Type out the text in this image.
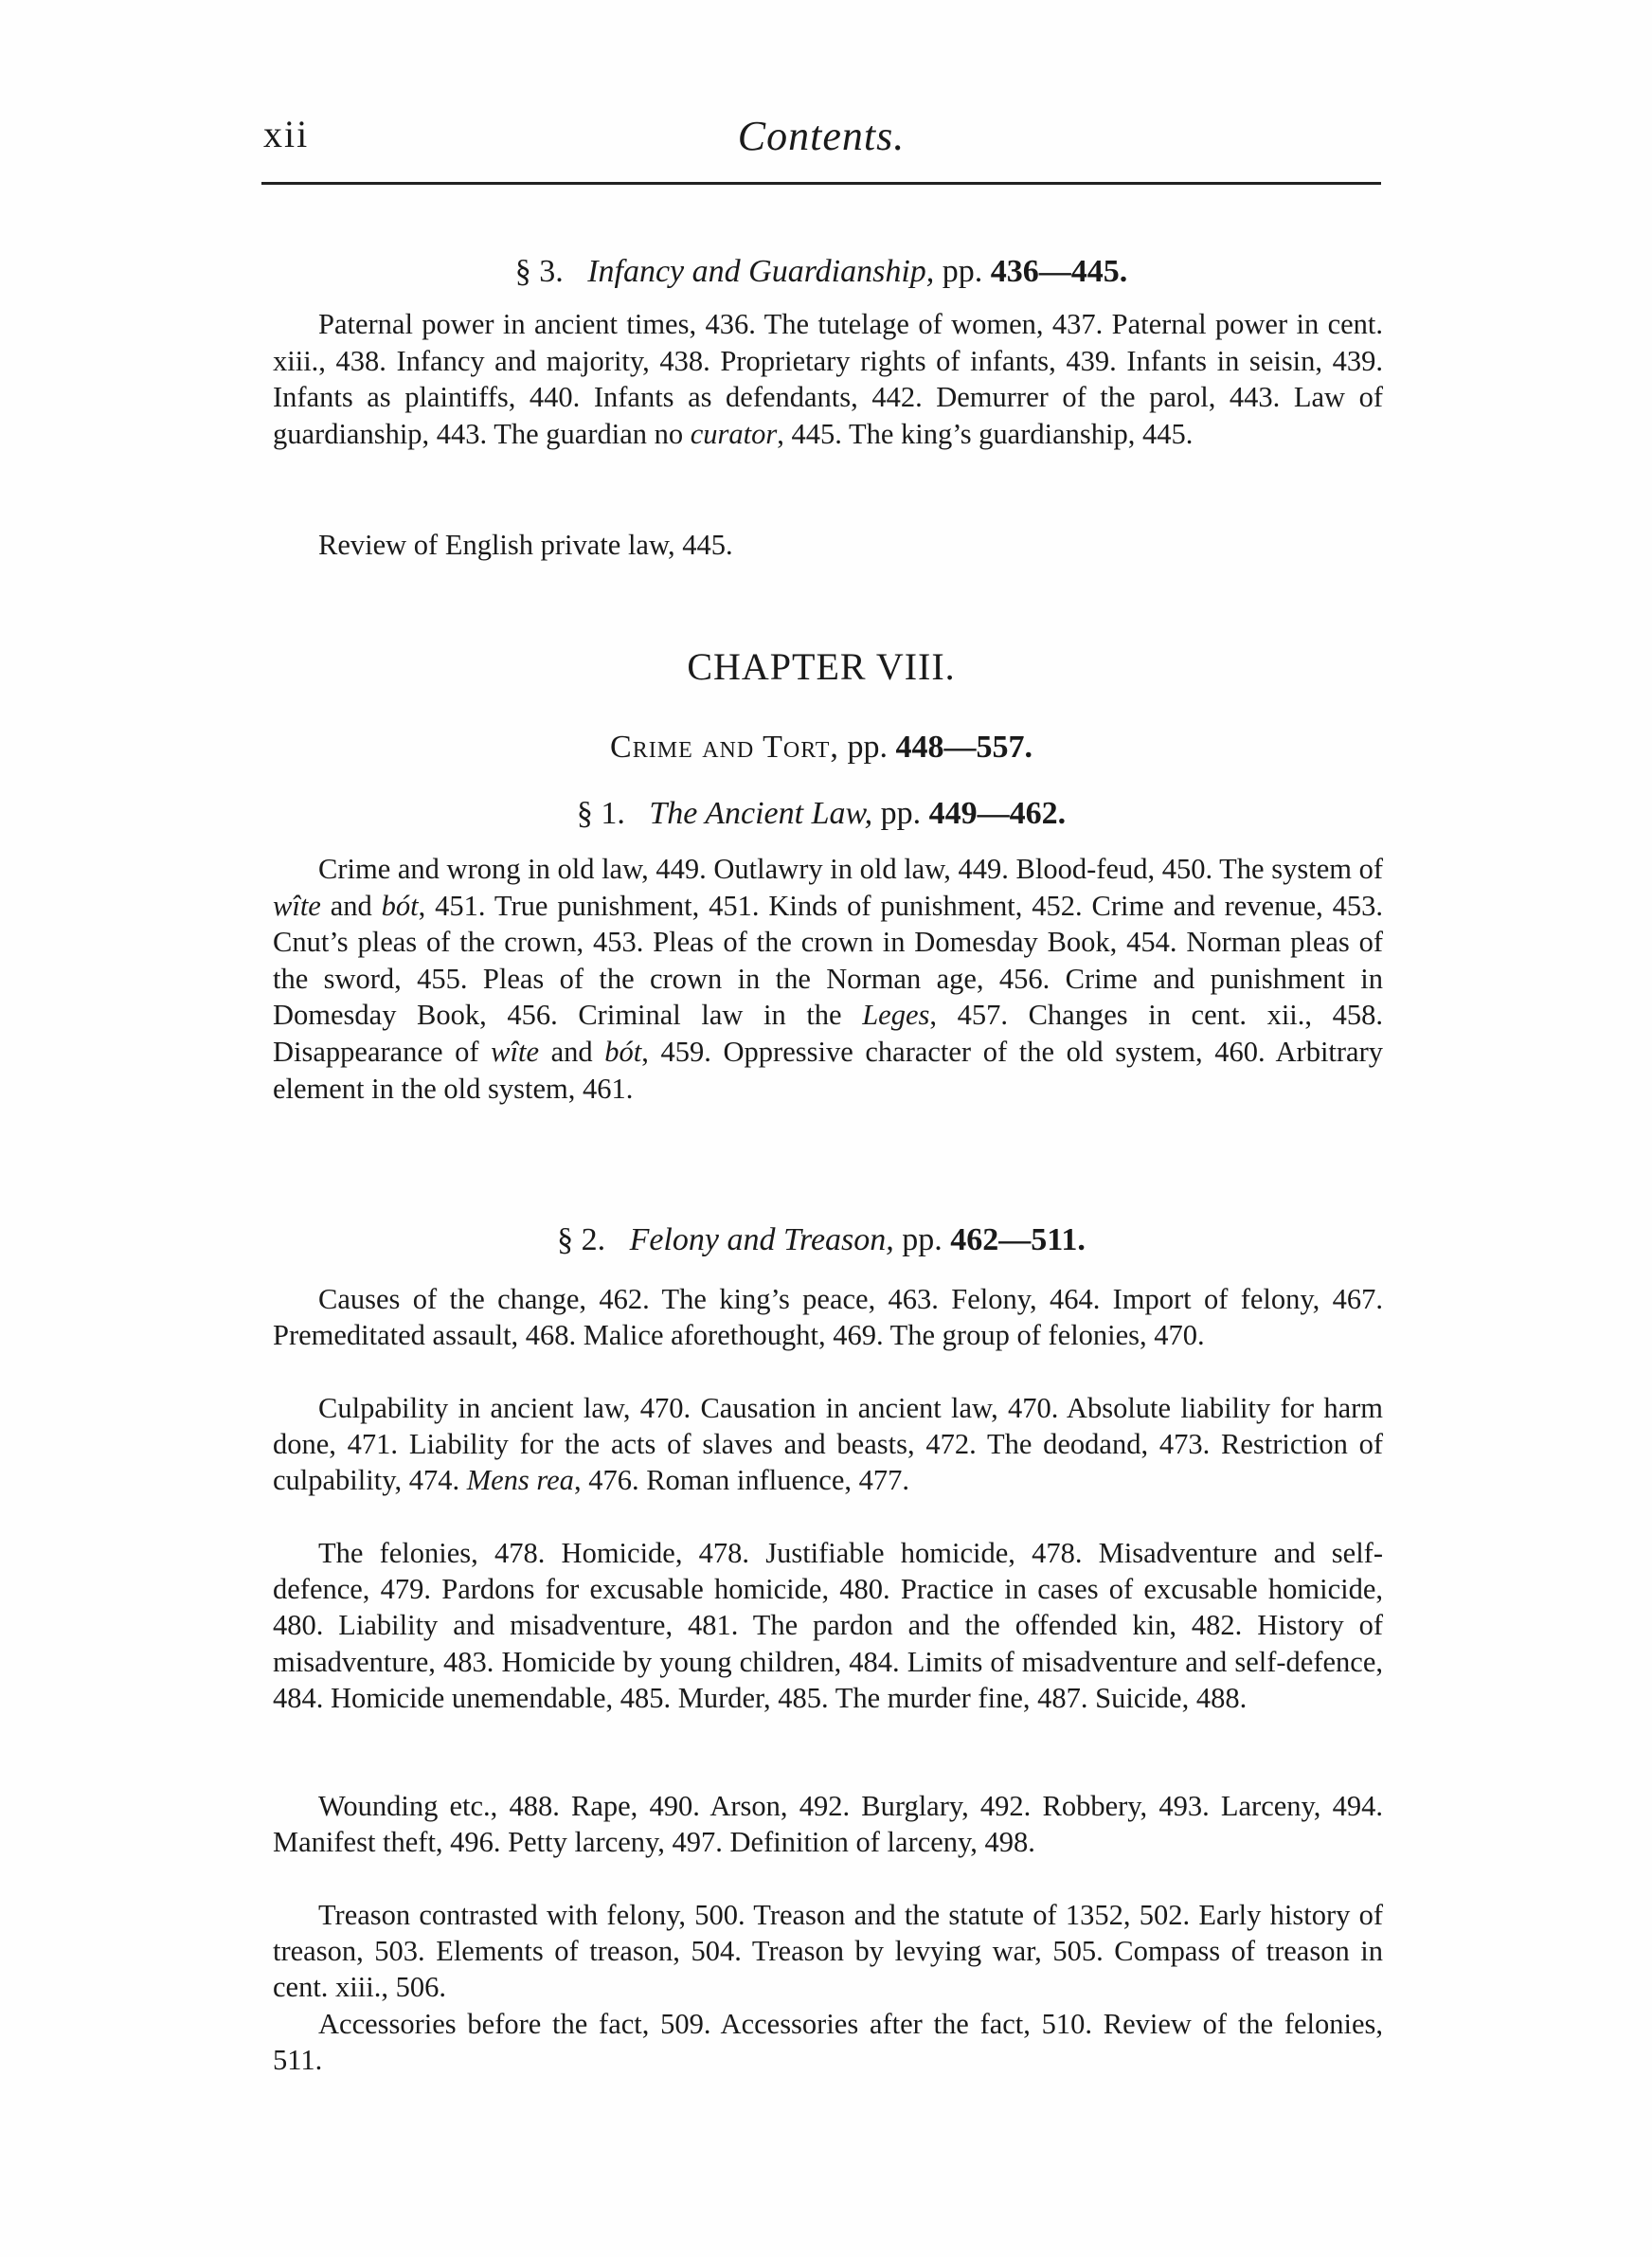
xii	Contents.
§ 3. Infancy and Guardianship, pp. 436—445.

Paternal power in ancient times, 436. The tutelage of women, 437. Paternal power in cent. xiii., 438. Infancy and majority, 438. Proprietary rights of infants, 439. Infants in seisin, 439. Infants as plaintiffs, 440. Infants as defendants, 442. Demurrer of the parol, 443. Law of guardianship, 443. The guardian no curator, 445. The king’s guardianship, 445.

Review of English private law, 445.

CHAPTER VIII.
Crime and Tort, pp. 448—557.
§ 1. The Ancient Law, pp. 449—462.

Crime and wrong in old law, 449. Outlawry in old law, 449. Blood-feud, 450. The system of wîte and bót, 451. True punishment, 451. Kinds of punishment, 452. Crime and revenue, 453. Cnut’s pleas of the crown, 453. Pleas of the crown in Domesday Book, 454. Norman pleas of the sword, 455. Pleas of the crown in the Norman age, 456. Crime and punishment in Domesday Book, 456. Criminal law in the Leges, 457. Changes in cent. xii., 458. Disappearance of wîte and bót, 459. Oppressive character of the old system, 460. Arbitrary element in the old system, 461.

§ 2. Felony and Treason, pp. 462—511.

Causes of the change, 462. The king’s peace, 463. Felony, 464. Import of felony, 467. Premeditated assault, 468. Malice aforethought, 469. The group of felonies, 470.

Culpability in ancient law, 470. Causation in ancient law, 470. Absolute liability for harm done, 471. Liability for the acts of slaves and beasts, 472. The deodand, 473. Restriction of culpability, 474. Mens rea, 476. Roman influence, 477.

The felonies, 478. Homicide, 478. Justifiable homicide, 478. Misadventure and self-defence, 479. Pardons for excusable homicide, 480. Practice in cases of excusable homicide, 480. Liability and misadventure, 481. The pardon and the offended kin, 482. History of misadventure, 483. Homicide by young children, 484. Limits of misadventure and self-defence, 484. Homicide unemendable, 485. Murder, 485. The murder fine, 487. Suicide, 488.

Wounding etc., 488. Rape, 490. Arson, 492. Burglary, 492. Robbery, 493. Larceny, 494. Manifest theft, 496. Petty larceny, 497. Definition of larceny, 498.

Treason contrasted with felony, 500. Treason and the statute of 1352, 502. Early history of treason, 503. Elements of treason, 504. Treason by levying war, 505. Compass of treason in cent. xiii., 506.

Accessories before the fact, 509. Accessories after the fact, 510. Review of the felonies, 511.
